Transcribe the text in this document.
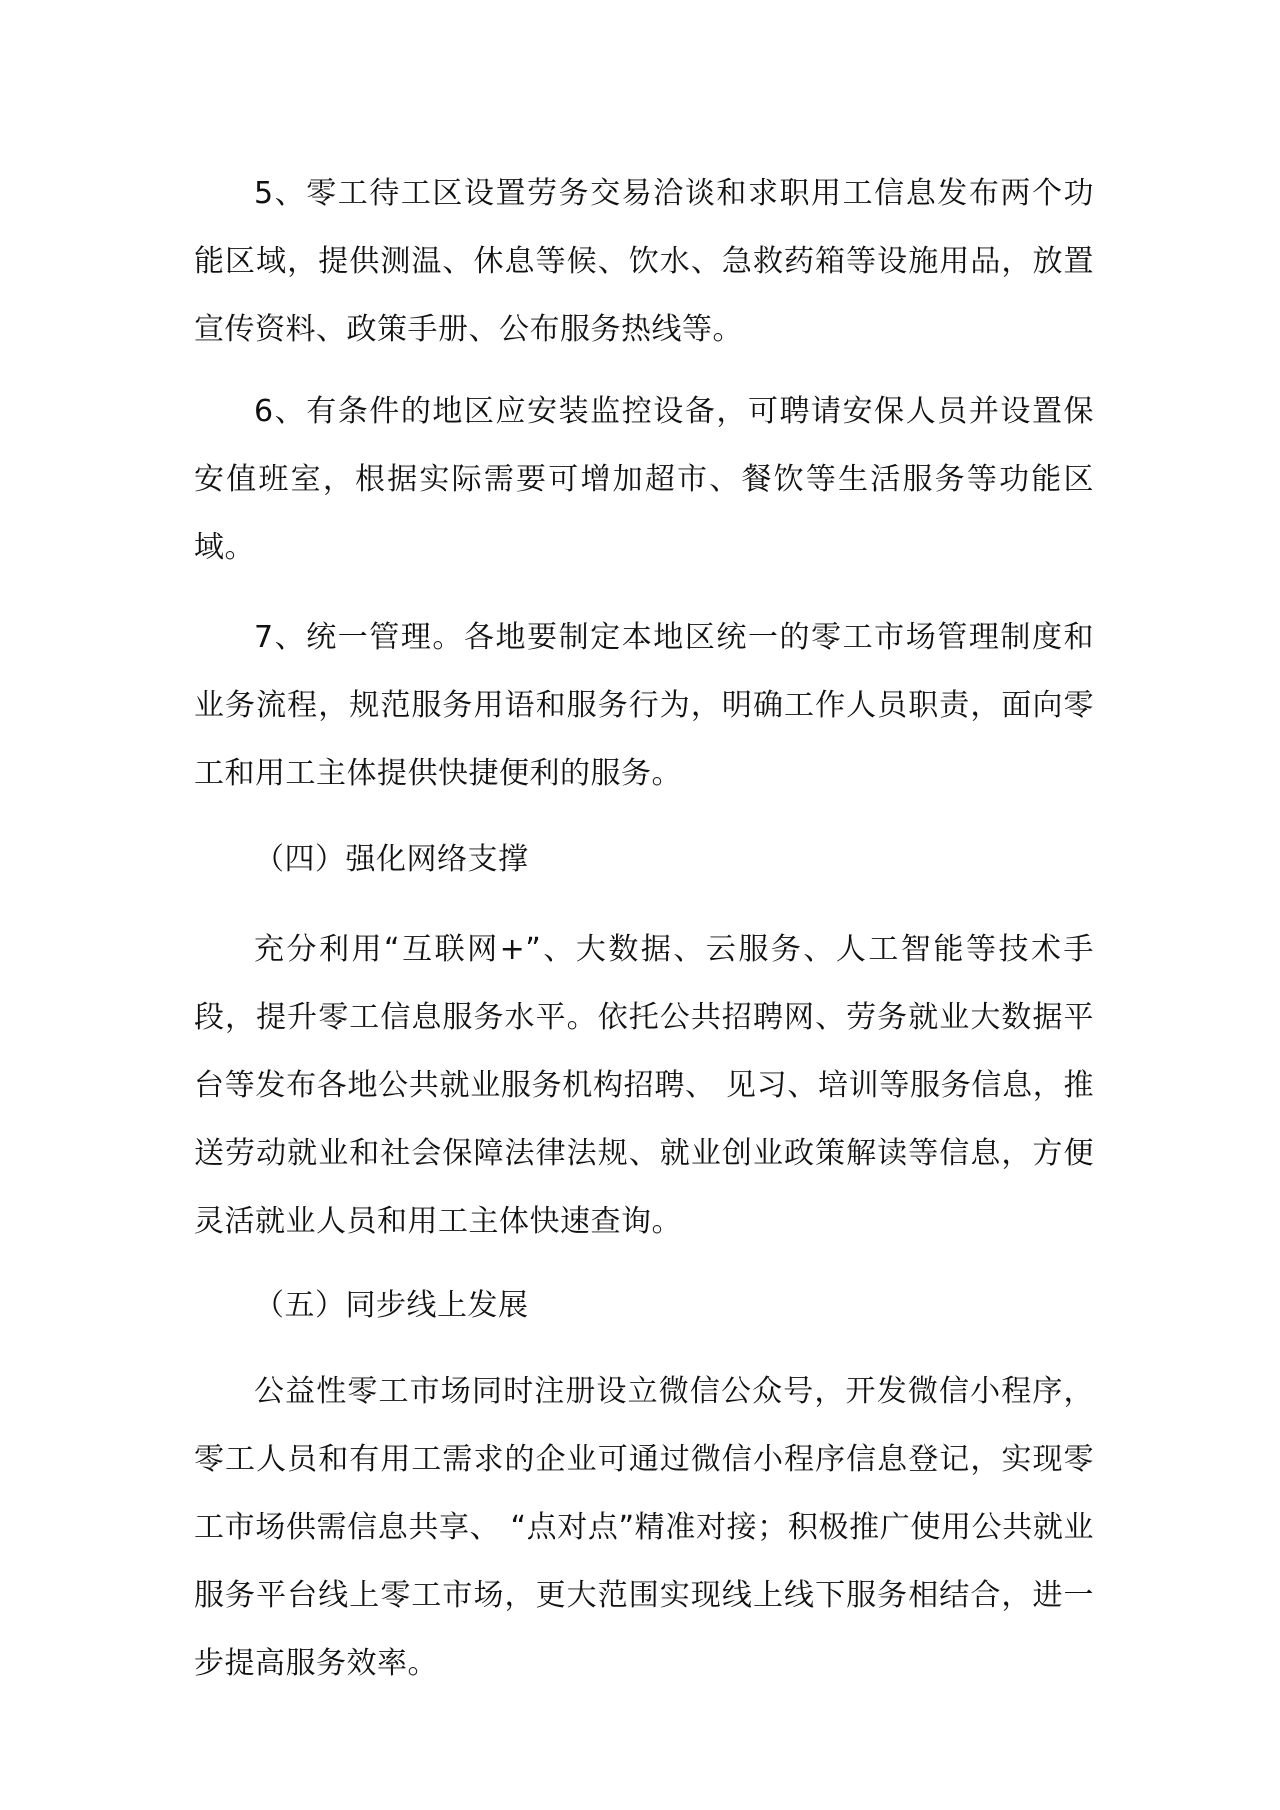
5、零工待工区设置劳务交易洽谈和求职用工信息发布两个功能区域，提供测温、休息等候、饮水、急救药箱等设施用品，放置宣传资料、政策手册、公布服务热线等。

6、有条件的地区应安装监控设备，可聘请安保人员并设置保安值班室，根据实际需要可增加超市、餐饮等生活服务等功能区域。

7、统一管理。各地要制定本地区统一的零工市场管理制度和业务流程，规范服务用语和服务行为，明确工作人员职责，面向零工和用工主体提供快捷便利的服务。

（四）强化网络支撑

充分利用“互联网+”、大数据、云服务、人工智能等技术手段，提升零工信息服务水平。依托公共招聘网、劳务就业大数据平台等发布各地公共就业服务机构招聘、 见习、培训等服务信息，推送劳动就业和社会保障法律法规、就业创业政策解读等信息，方便灵活就业人员和用工主体快速查询。

（五）同步线上发展

公益性零工市场同时注册设立微信公众号，开发微信小程序，零工人员和有用工需求的企业可通过微信小程序信息登记，实现零工市场供需信息共享、 “点对点”精准对接；积极推广使用公共就业服务平台线上零工市场，更大范围实现线上线下服务相结合，进一步提高服务效率。
